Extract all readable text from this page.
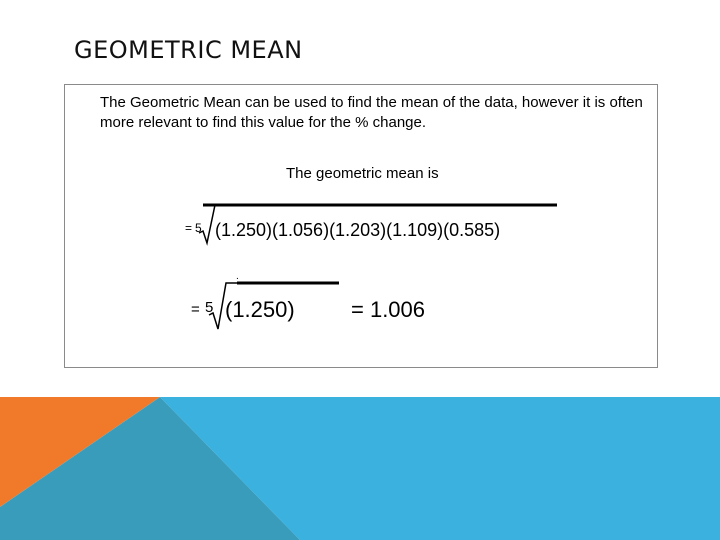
GEOMETRIC MEAN
The Geometric Mean can be used to find the mean of the data, however it is often more relevant to find this value for the % change.
The geometric mean is
= 5 (1.250)(1.056)(1.203)(1.109)(0.585)
.
= 5 (1.250)	= 1.006
